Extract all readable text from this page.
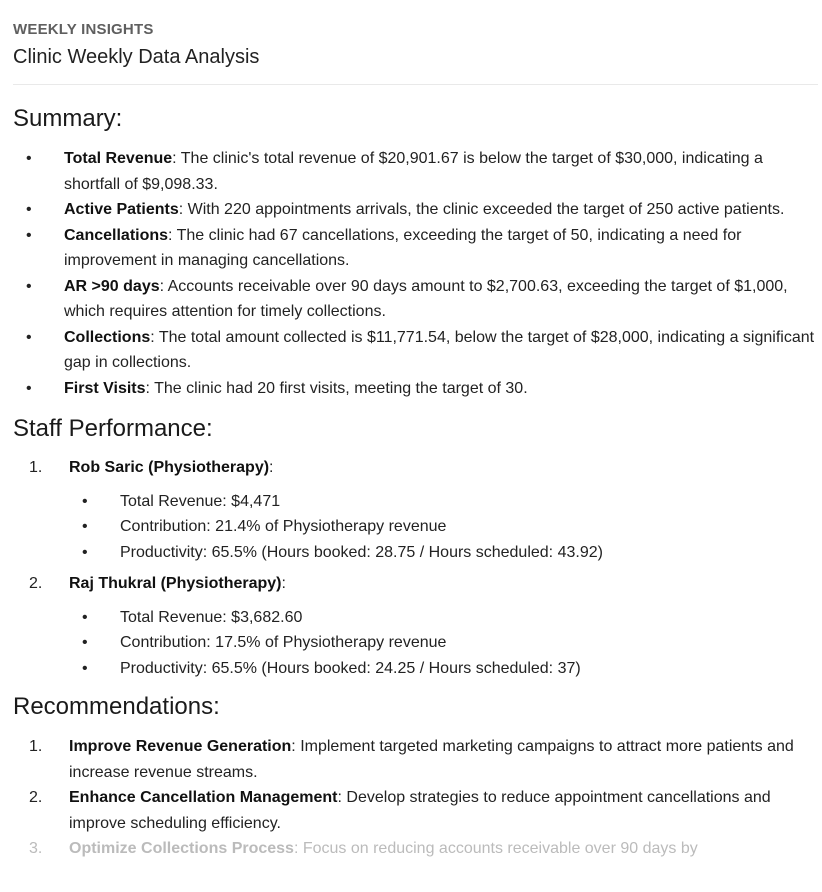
WEEKLY INSIGHTS

Clinic Weekly Data Analysis

Summary:
• Total Revenue: The clinic's total revenue of $20,901.67 is below the target of $30,000, indicating a shortfall of $9,098.33.
• Active Patients: With 220 appointments arrivals, the clinic exceeded the target of 250 active patients.
• Cancellations: The clinic had 67 cancellations, exceeding the target of 50, indicating a need for improvement in managing cancellations.
• AR >90 days: Accounts receivable over 90 days amount to $2,700.63, exceeding the target of $1,000, which requires attention for timely collections.
• Collections: The total amount collected is $11,771.54, below the target of $28,000, indicating a significant gap in collections.
• First Visits: The clinic had 20 first visits, meeting the target of 30.
Staff Performance:
1.	Rob Saric (Physiotherapy):
• Total Revenue: $4,471
• Contribution: 21.4% of Physiotherapy revenue
• Productivity: 65.5% (Hours booked: 28.75 / Hours scheduled: 43.92)
2.	Raj Thukral (Physiotherapy):
• Total Revenue: $3,682.60
• Contribution: 17.5% of Physiotherapy revenue
• Productivity: 65.5% (Hours booked: 24.25 / Hours scheduled: 37)
Recommendations:
1.	Improve Revenue Generation: Implement targeted marketing campaigns to attract more patients and increase revenue streams.
2.	Enhance Cancellation Management: Develop strategies to reduce appointment cancellations and improve scheduling efficiency.
3.	Optimize Collections Process: Focus on reducing accounts receivable over 90 days by
